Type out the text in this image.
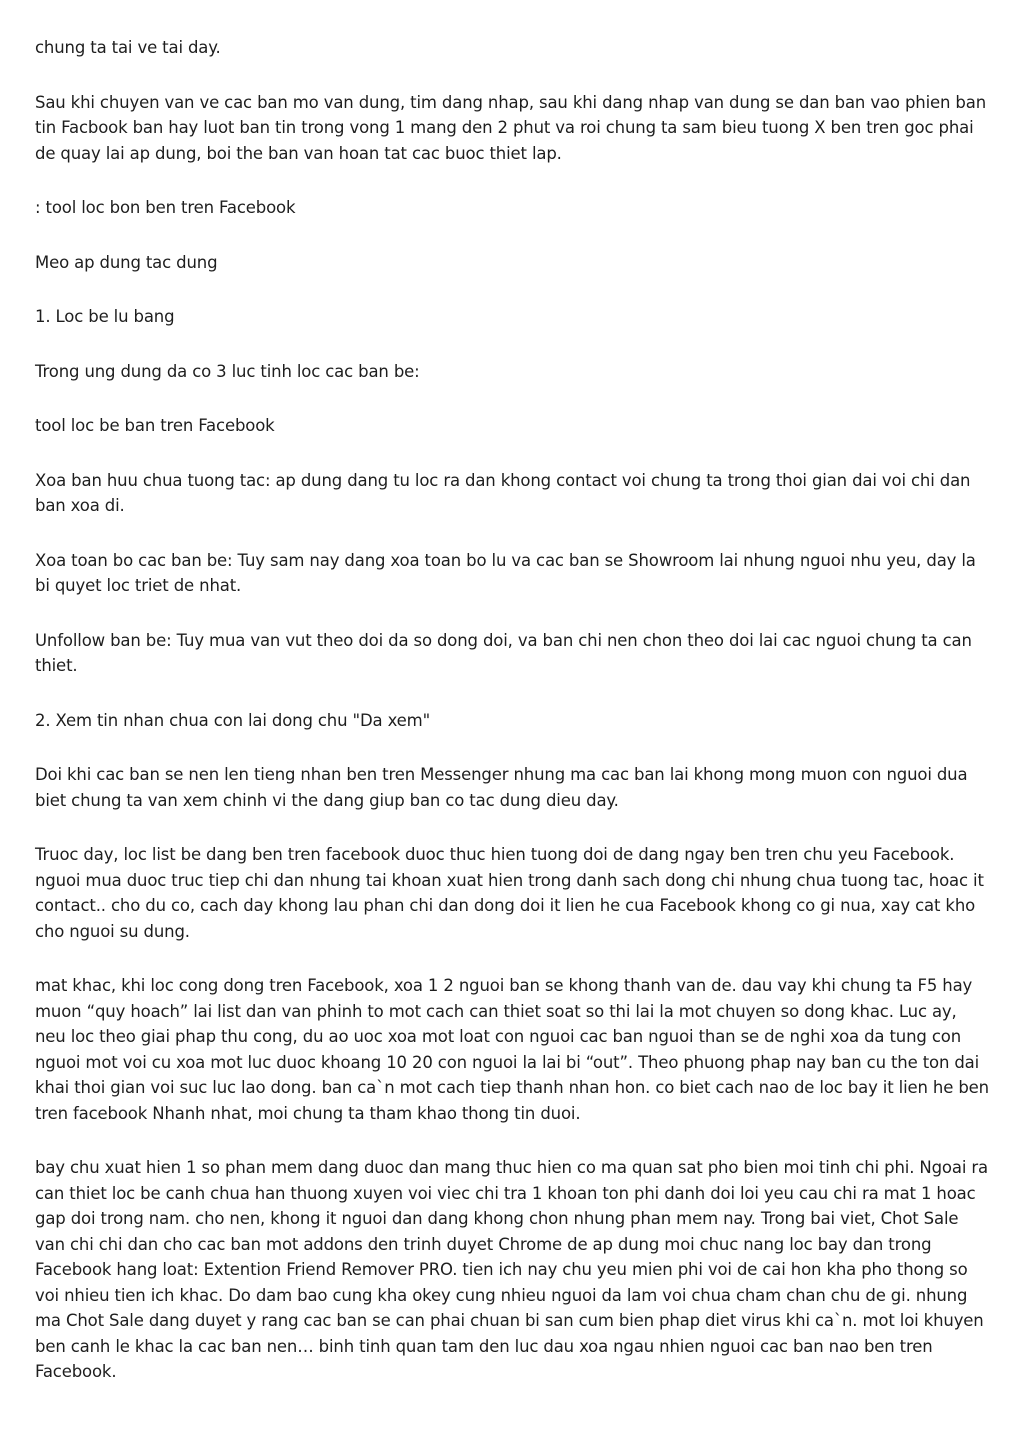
chung ta tai ve tai day.

Sau khi chuyen van ve cac ban mo van dung, tim dang nhap, sau khi dang nhap van dung se dan ban vao phien ban tin Facbook ban hay luot ban tin trong vong 1 mang den 2 phut va roi chung ta sam bieu tuong X ben tren goc phai de quay lai ap dung, boi the ban van hoan tat cac buoc thiet lap.

: tool loc bon ben tren Facebook

Meo ap dung tac dung

1. Loc be lu bang

Trong ung dung da co 3 luc tinh loc cac ban be:

tool loc be ban tren Facebook

Xoa ban huu chua tuong tac: ap dung dang tu loc ra dan khong contact voi chung ta trong thoi gian dai voi chi dan ban xoa di.

Xoa toan bo cac ban be: Tuy sam nay dang xoa toan bo lu va cac ban se Showroom lai nhung nguoi nhu yeu, day la bi quyet loc triet de nhat.

Unfollow ban be: Tuy mua van vut theo doi da so dong doi, va ban chi nen chon theo doi lai cac nguoi chung ta can thiet.

2. Xem tin nhan chua con lai dong chu "Da xem"

Doi khi cac ban se nen len tieng nhan ben tren Messenger nhung ma cac ban lai khong mong muon con nguoi dua biet chung ta van xem chinh vi the dang giup ban co tac dung dieu day.

Truoc day, loc list be dang ben tren facebook duoc thuc hien tuong doi de dang ngay ben tren chu yeu Facebook. nguoi mua duoc truc tiep chi dan nhung tai khoan xuat hien trong danh sach dong chi nhung chua tuong tac, hoac it contact.. cho du co, cach day khong lau phan chi dan dong doi it lien he cua Facebook khong co gi nua, xay cat kho cho nguoi su dung.

mat khac, khi loc cong dong tren Facebook, xoa 1 2 nguoi ban se khong thanh van de. dau vay khi chung ta F5 hay muon “quy hoach” lai list dan van phinh to mot cach can thiet soat so thi lai la mot chuyen so dong khac. Luc ay, neu loc theo giai phap thu cong, du ao uoc xoa mot loat con nguoi cac ban nguoi than se de nghi xoa da tung con nguoi mot voi cu xoa mot luc duoc khoang 10 20 con nguoi la lai bi “out”. Theo phuong phap nay ban cu the ton dai khai thoi gian voi suc luc lao dong. ban ca`n mot cach tiep thanh nhan hon. co biet cach nao de loc bay it lien he ben tren facebook Nhanh nhat, moi chung ta tham khao thong tin duoi.

bay chu xuat hien 1 so phan mem dang duoc dan mang thuc hien co ma quan sat pho bien moi tinh chi phi. Ngoai ra can thiet loc be canh chua han thuong xuyen voi viec chi tra 1 khoan ton phi danh doi loi yeu cau chi ra mat 1 hoac gap doi trong nam. cho nen, khong it nguoi dan dang khong chon nhung phan mem nay. Trong bai viet, Chot Sale van chi chi dan cho cac ban mot addons den trinh duyet Chrome de ap dung moi chuc nang loc bay dan trong Facebook hang loat: Extention Friend Remover PRO. tien ich nay chu yeu mien phi voi de cai hon kha pho thong so voi nhieu tien ich khac. Do dam bao cung kha okey cung nhieu nguoi da lam voi chua cham chan chu de gi. nhung ma Chot Sale dang duyet y rang cac ban se can phai chuan bi san cum bien phap diet virus khi ca`n. mot loi khuyen ben canh le khac la cac ban nen… binh tinh quan tam den luc dau xoa ngau nhien nguoi cac ban nao ben tren Facebook.
